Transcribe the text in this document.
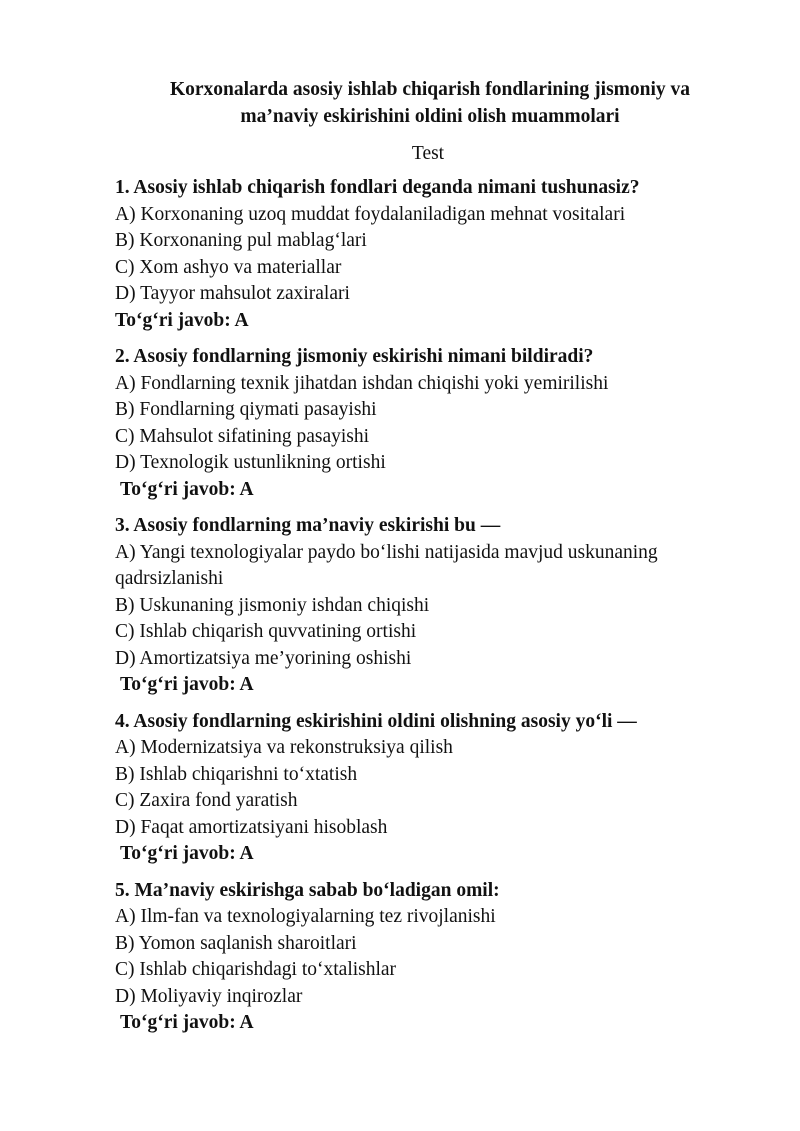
Korxonalarda asosiy ishlab chiqarish fondlarining jismoniy va
ma’naviy eskirishini oldini olish muammolari
Test
1. Asosiy ishlab chiqarish fondlari deganda nimani tushunasiz?
A) Korxonaning uzoq muddat foydalaniladigan mehnat vositalari
B) Korxonaning pul mablag‘lari
C) Xom ashyo va materiallar
D) Tayyor mahsulot zaxiralari
To‘g‘ri javob: A
2. Asosiy fondlarning jismoniy eskirishi nimani bildiradi?
A) Fondlarning texnik jihatdan ishdan chiqishi yoki yemirilishi
B) Fondlarning qiymati pasayishi
C) Mahsulot sifatining pasayishi
D) Texnologik ustunlikning ortishi
To‘g‘ri javob: A
3. Asosiy fondlarning ma’naviy eskirishi bu —
A) Yangi texnologiyalar paydo bo‘lishi natijasida mavjud uskunaning qadrsizlanishi
B) Uskunaning jismoniy ishdan chiqishi
C) Ishlab chiqarish quvvatining ortishi
D) Amortizatsiya me’yorining oshishi
To‘g‘ri javob: A
4. Asosiy fondlarning eskirishini oldini olishning asosiy yo‘li —
A) Modernizatsiya va rekonstruksiya qilish
B) Ishlab chiqarishni to‘xtatish
C) Zaxira fond yaratish
D) Faqat amortizatsiyani hisoblash
To‘g‘ri javob: A
5. Ma’naviy eskirishga sabab bo‘ladigan omil:
A) Ilm-fan va texnologiyalarning tez rivojlanishi
B) Yomon saqlanish sharoitlari
C) Ishlab chiqarishdagi to‘xtalishlar
D) Moliyaviy inqirozlar
To‘g‘ri javob: A
